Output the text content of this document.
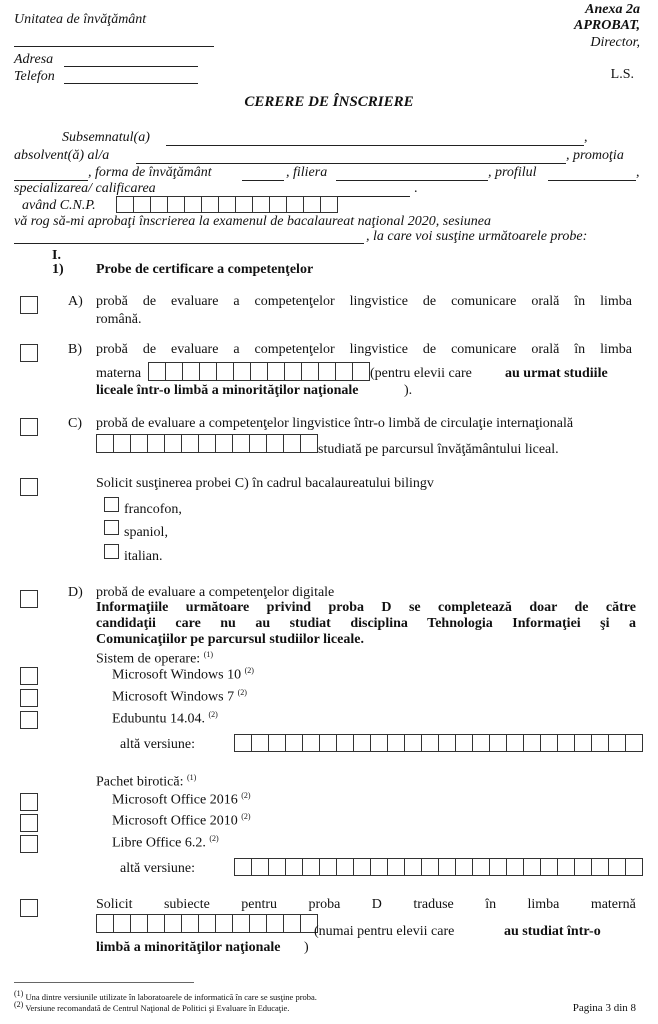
Unitatea de învăţământ
Adresa
Telefon
Anexa 2a
APROBAT,
Director,
L.S.
CERERE DE ÎNSCRIERE
Subsemnatul(a)	,
absolvent(ă) al/a	, promoţia
, forma de învăţământ	, filiera	, profilul	,
specializarea/ calificarea	.
având C.N.P.
vă rog să-mi aprobaţi înscrierea la examenul de bacalaureat naţional 2020, sesiunea
, la care voi susţine următoarele probe:
I.
1) Probe de certificare a competenţelor
A) probă de evaluare a competenţelor lingvistice de comunicare orală în limba
română.
B) probă de evaluare a competenţelor lingvistice de comunicare orală în limba
materna	(pentru elevii care au urmat studiile
liceale într-o limbă a minorităţilor naţionale	).
C) probă de evaluare a competenţelor lingvistice într-o limbă de circulaţie internaţională
studiată pe parcursul învăţământului liceal.
Solicit susţinerea probei C) în cadrul bacalaureatului bilingv
francofon,
spaniol,
italian.
D) probă de evaluare a competenţelor digitale
Informaţiile următoare privind proba D se completează doar de către
candidaţii care nu au studiat disciplina Tehnologia Informaţiei şi a
Comunicaţiilor pe parcursul studiilor liceale.
Sistem de operare: $^{(1)}$
Microsoft Windows 10 $^{(2)}$
Microsoft Windows 7 $^{(2)}$
Edubuntu 14.04. $^{(2)}$
altă versiune:
Pachet birotică: $^{(1)}$
Microsoft Office 2016 $^{(2)}$
Microsoft Office 2010 $^{(2)}$
Libre Office 6.2. $^{(2)}$
altă versiune:
Solicit subiecte pentru proba D traduse în limba maternă
(numai pentru elevii care	au studiat într-o
limbă a minorităţilor naţionale )
$^{(1)}$ Una dintre versiunile utilizate în laboratoarele de informatică în care se susţine proba.
$^{(2)}$ Versiune recomandată de Centrul Naţional de Politici şi Evaluare în Educaţie.	Pagina 3 din 8
